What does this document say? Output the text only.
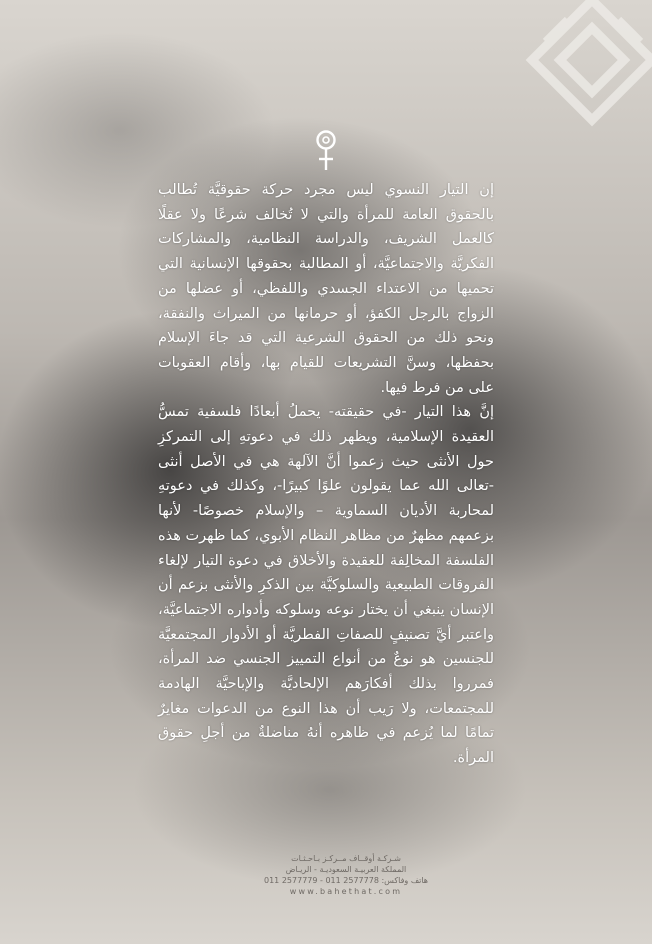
إن التيار النسوي ليس مجرد حركة حقوقيَّة تُطالب بالحقوق العامة للمرأة والتي لا تُخالف شرعًا ولا عقلًا كالعمل الشريف، والدراسة النظامية، والمشاركات الفكريَّة والاجتماعيَّة، أو المطالبة بحقوقها الإنسانية التي تحميها من الاعتداء الجسدي واللفظي، أو عضلها من الزواج بالرجل الكفؤ، أو حرمانها من الميراث والنفقة، ونحو ذلك من الحقوق الشرعية التي قد جاءَ الإسلام بحفظها، وسنَّ التشريعات للقيام بها، وأقام العقوبات على من فرط فيها.

إنَّ هذا التيار -في حقيقته- يحملُ أبعادًا فلسفية تمسُّ العقيدة الإسلامية، ويظهر ذلك في دعوتهِ إلى التمركزِ حول الأنثى حيث زعموا أنَّ الآلهة هي في الأصل أنثى -تعالى الله عما يقولون علوًا كبيرًا-، وكذلك في دعوتهِ لمحاربة الأديان السماوية – والإسلام خصوصًا- لأنها بزعمهم مظهرٌ من مظاهر النظام الأبوي، كما ظهرت هذه الفلسفة المخالِفة للعقيدة والأخلاق في دعوة التيار لإلغاء الفروقات الطبيعية والسلوكيَّة بين الذكرِ والأنثى بزعم أن الإنسان ينبغي أن يختار نوعه وسلوكه وأدواره الاجتماعيَّة، واعتبر أيَّ تصنيفٍ للصفاتِ الفطريَّة أو الأدوار المجتمعيَّة للجنسين هو نوعٌ من أنواع التمييز الجنسي ضد المرأة، فمرروا بذلك أفكارَهم الإلحاديَّة والإباحيَّة الهادمة للمجتمعات، ولا رَيب أن هذا النوع من الدعوات مغايرٌ تمامًا لما يُزعم في ظاهره أنهُ مناضلةٌ من أجلِ حقوق المرأة.

شـركـة أوقــاف مــركـز بـاحـثـات
المملكة العربيـة السعوديـة - الريـاض
هاتف وفاكس: 2577778 011 - 2577779 011
www.bahethat.com
